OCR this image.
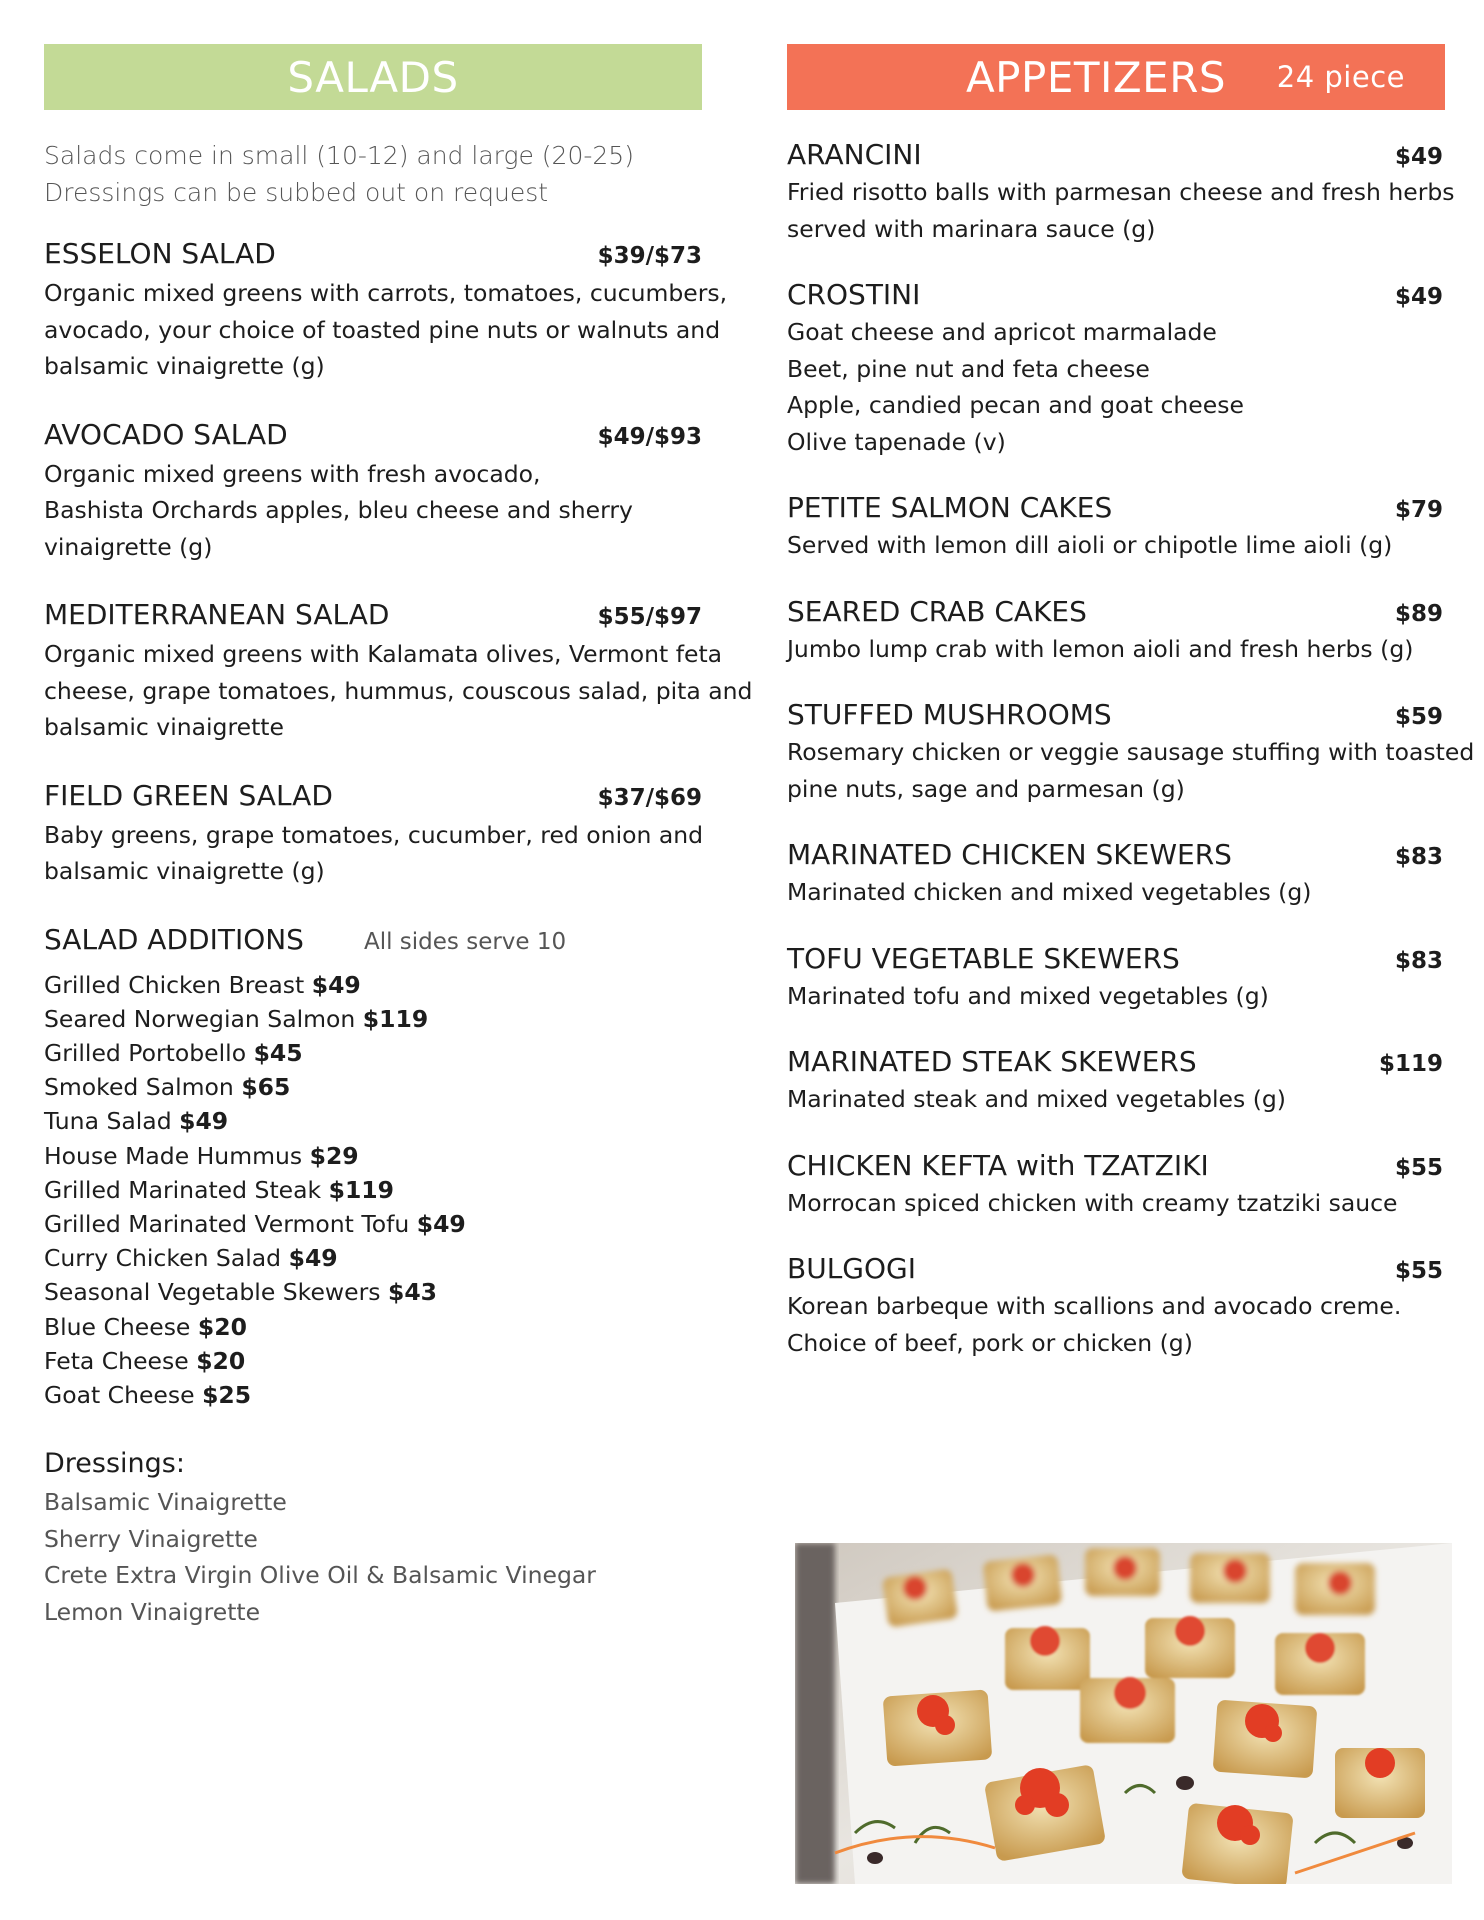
SALADS	APPETIZERS 24 piece
Salads come in small (10-12) and large (20-25)
Dressings can be subbed out on request
ESSELON SALAD	$39/$73
Organic mixed greens with carrots, tomatoes, cucumbers,
avocado, your choice of toasted pine nuts or walnuts and
balsamic vinaigrette (g)
AVOCADO SALAD	$49/$93
Organic mixed greens with fresh avocado,
Bashista Orchards apples, bleu cheese and sherry
vinaigrette (g)
MEDITERRANEAN SALAD	$55/$97
Organic mixed greens with Kalamata olives, Vermont feta
cheese, grape tomatoes, hummus, couscous salad, pita and
balsamic vinaigrette
FIELD GREEN SALAD	$37/$69
Baby greens, grape tomatoes, cucumber, red onion and
balsamic vinaigrette (g)
SALAD ADDITIONS	All sides serve 10
Grilled Chicken Breast $49
Seared Norwegian Salmon $119
Grilled Portobello $45
Smoked Salmon $65
Tuna Salad $49
House Made Hummus $29
Grilled Marinated Steak $119
Grilled Marinated Vermont Tofu $49
Curry Chicken Salad $49
Seasonal Vegetable Skewers $43
Blue Cheese $20
Feta Cheese $20
Goat Cheese $25
Dressings:
Balsamic Vinaigrette
Sherry Vinaigrette
Crete Extra Virgin Olive Oil & Balsamic Vinegar
Lemon Vinaigrette
ARANCINI	$49
Fried risotto balls with parmesan cheese and fresh herbs
served with marinara sauce (g)
CROSTINI	$49
Goat cheese and apricot marmalade
Beet, pine nut and feta cheese
Apple, candied pecan and goat cheese
Olive tapenade (v)
PETITE SALMON CAKES	$79
Served with lemon dill aioli or chipotle lime aioli (g)
SEARED CRAB CAKES	$89
Jumbo lump crab with lemon aioli and fresh herbs (g)
STUFFED MUSHROOMS	$59
Rosemary chicken or veggie sausage stuffing with toasted
pine nuts, sage and parmesan (g)
MARINATED CHICKEN SKEWERS	$83
Marinated chicken and mixed vegetables (g)
TOFU VEGETABLE SKEWERS	$83
Marinated tofu and mixed vegetables (g)
MARINATED STEAK SKEWERS	$119
Marinated steak and mixed vegetables (g)
CHICKEN KEFTA with TZATZIKI	$55
Morrocan spiced chicken with creamy tzatziki sauce
BULGOGI	$55
Korean barbeque with scallions and avocado creme.
Choice of beef, pork or chicken (g)
